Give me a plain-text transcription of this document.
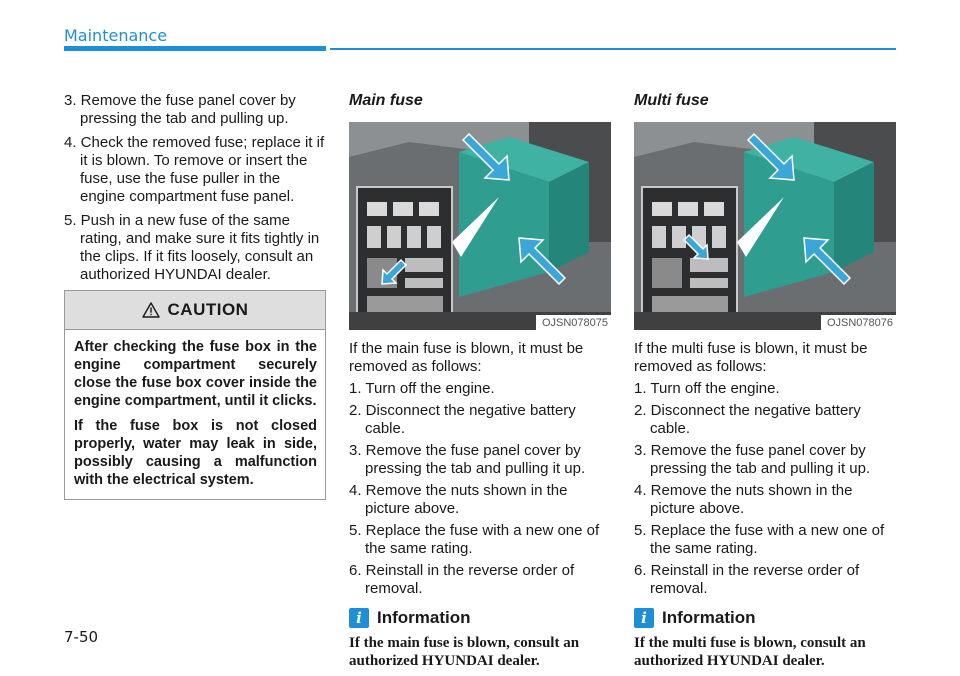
Maintenance
3. Remove the fuse panel cover by pressing the tab and pulling up.
4. Check the removed fuse; replace it if it is blown. To remove or insert the fuse, use the fuse puller in the engine compartment fuse panel.
5. Push in a new fuse of the same rating, and make sure it fits tightly in the clips. If it fits loosely, consult an authorized HYUNDAI dealer.
CAUTION

After checking the fuse box in the engine compartment securely close the fuse box cover inside the engine compartment, until it clicks.

If the fuse box is not closed properly, water may leak in side, possibly causing a malfunction with the electrical system.

Main fuse
OJSN078075

If the main fuse is blown, it must be removed as follows:

1. Turn off the engine.
2. Disconnect the negative battery cable.
3. Remove the fuse panel cover by pressing the tab and pulling it up.
4. Remove the nuts shown in the picture above.
5. Replace the fuse with a new one of the same rating.
6. Reinstall in the reverse order of removal.
i Information

If the main fuse is blown, consult an authorized HYUNDAI dealer.

Multi fuse
OJSN078076

If the multi fuse is blown, it must be removed as follows:

1. Turn off the engine.
2. Disconnect the negative battery cable.
3. Remove the fuse panel cover by pressing the tab and pulling it up.
4. Remove the nuts shown in the picture above.
5. Replace the fuse with a new one of the same rating.
6. Reinstall in the reverse order of removal.
i Information

If the multi fuse is blown, consult an authorized HYUNDAI dealer.

7-50
